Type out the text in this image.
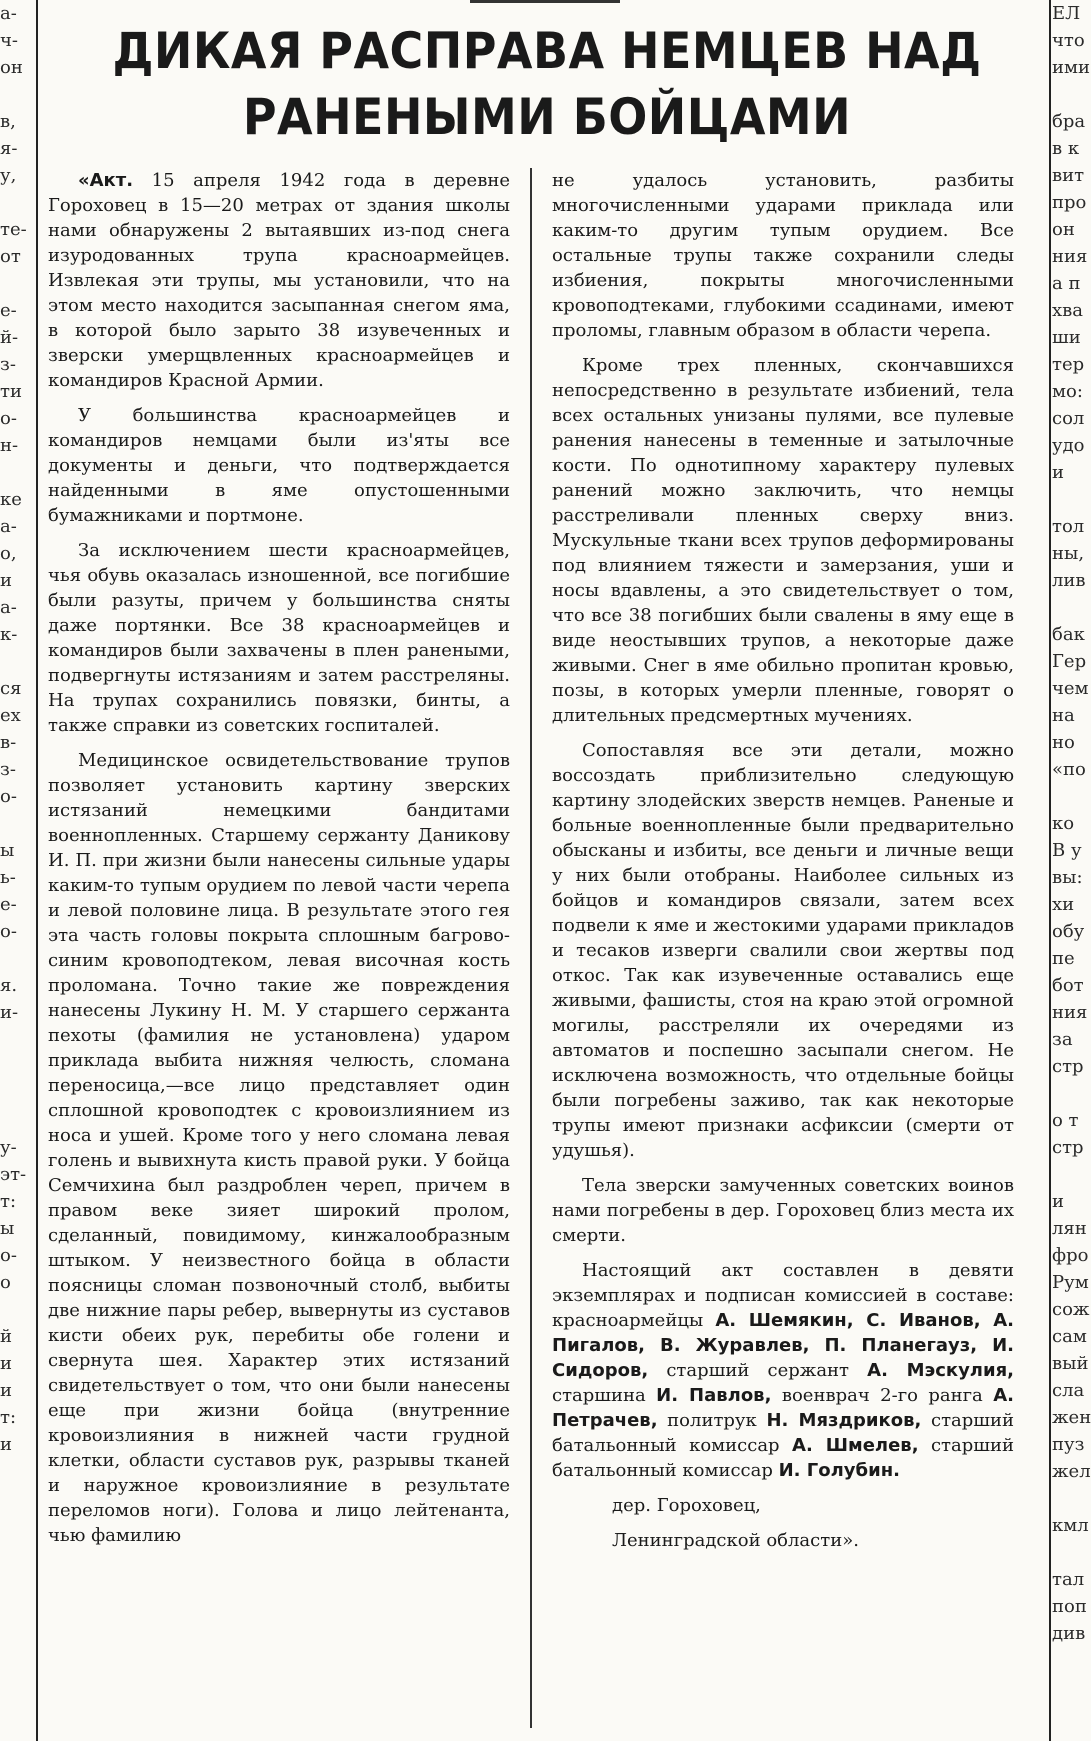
а-
ч-
он
в,
я-
у,
те-
от
е-
й-
з-
ти
о-
н-
ке
а-
о,
и
а-
к-
ся
ех
в-
з-
о-
ы
ь-
е-
о-
я.
и-
у-
эт-
т:
ы
о-
о
й
и
и
т:
и
ЕЛ
что
ими
бра
в к
вит
про
он
ния
а п
хва
ши
тер
мо:
сол
удо
и
тол
ны,
лив
бак
Гер
чем
на
но
«по
ко
В у
вы:
хи
обу
пе
бот
ния
за
стр
о т
стр
и
лян
фро
Рум
сож
сам
вый
сла
жен
пуз
жел
кмл
тал
поп
див
ДИКАЯ РАСПРАВА НЕМЦЕВ НАД
РАНЕНЫМИ БОЙЦАМИ

«Акт. 15 апреля 1942 года в деревне Гороховец в 15—20 метрах от здания школы нами обнаружены 2 вытаявших из-под снега изуродованных трупа красноармейцев. Извлекая эти трупы, мы установили, что на этом место находится засыпанная снегом яма, в которой было зарыто 38 изувеченных и зверски умерщвленных красноармейцев и командиров Красной Армии.

У большинства красноармейцев и командиров немцами были из'яты все документы и деньги, что подтверждается найденными в яме опустошенными бумажниками и портмоне.

За исключением шести красноармейцев, чья обувь оказалась изношенной, все погибшие были разуты, причем у большинства сняты даже портянки. Все 38 красноармейцев и командиров были захвачены в плен ранеными, подвергнуты истязаниям и затем расстреляны. На трупах сохранились повязки, бинты, а также справки из советских госпиталей.

Медицинское освидетельствование трупов позволяет установить картину зверских истязаний немецкими бандитами военнопленных. Старшему сержанту Даникову И. П. при жизни были нанесены сильные удары каким-то тупым орудием по левой части черепа и левой половине лица. В результате этого гея эта часть головы покрыта сплошным багрово-синим кровоподтеком, левая височная кость проломана. Точно такие же повреждения нанесены Лукину Н. М. У старшего сержанта пехоты (фамилия не установлена) ударом приклада выбита нижняя челюсть, сломана переносица,—все лицо представляет один сплошной кровоподтек с кровоизлиянием из носа и ушей. Кроме того у него сломана левая голень и вывихнута кисть правой руки. У бойца Семчихина был раздроблен череп, причем в правом веке зияет широкий пролом, сделанный, повидимому, кинжалообразным штыком. У неизвестного бойца в области поясницы сломан позвоночный столб, выбиты две нижние пары ребер, вывернуты из суставов кисти обеих рук, перебиты обе голени и свернута шея. Характер этих истязаний свидетельствует о том, что они были нанесены еще при жизни бойца (внутренние кровоизлияния в нижней части грудной клетки, области суставов рук, разрывы тканей и наружное кровоизлияние в результате переломов ноги). Голова и лицо лейтенанта, чью фамилию

не удалось установить, разбиты многочисленными ударами приклада или каким-то другим тупым орудием. Все остальные трупы также сохранили следы избиения, покрыты многочисленными кровоподтеками, глубокими ссадинами, имеют проломы, главным образом в области черепа.

Кроме трех пленных, скончавшихся непосредственно в результате избиений, тела всех остальных унизаны пулями, все пулевые ранения нанесены в теменные и затылочные кости. По однотипному характеру пулевых ранений можно заключить, что немцы расстреливали пленных сверху вниз. Мускульные ткани всех трупов деформированы под влиянием тяжести и замерзания, уши и носы вдавлены, а это свидетельствует о том, что все 38 погибших были свалены в яму еще в виде неостывших трупов, а некоторые даже живыми. Снег в яме обильно пропитан кровью, позы, в которых умерли пленные, говорят о длительных предсмертных мучениях.

Сопоставляя все эти детали, можно воссоздать приблизительно следующую картину злодейских зверств немцев. Раненые и больные военнопленные были предварительно обысканы и избиты, все деньги и личные вещи у них были отобраны. Наиболее сильных из бойцов и командиров связали, затем всех подвели к яме и жестокими ударами прикладов и тесаков изверги свалили свои жертвы под откос. Так как изувеченные оставались еще живыми, фашисты, стоя на краю этой огромной могилы, расстреляли их очередями из автоматов и поспешно засыпали снегом. Не исключена возможность, что отдельные бойцы были погребены заживо, так как некоторые трупы имеют признаки асфиксии (смерти от удушья).

Тела зверски замученных советских воинов нами погребены в дер. Гороховец близ места их смерти.

Настоящий акт составлен в девяти экземплярах и подписан комиссией в составе: красноармейцы А. Шемякин, С. Иванов, А. Пигалов, В. Журавлев, П. Планегауз, И. Сидоров, старший сержант А. Мэскулия, старшина И. Павлов, военврач 2-го ранга А. Петрачев, политрук Н. Мяздриков, старший батальонный комиссар А. Шмелев, старший батальонный комиссар И. Голубин.

дер. Гороховец,

Ленинградской области».
